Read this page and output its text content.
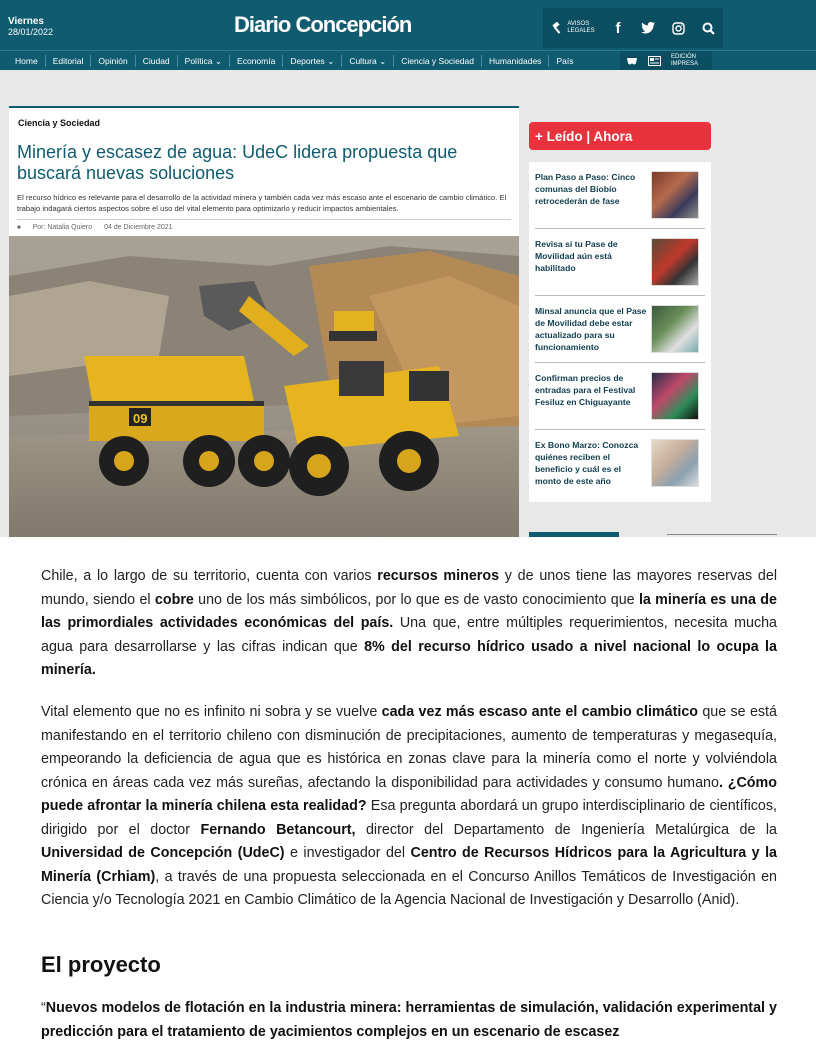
Viernes
28/01/2022	Diario Concepción	AVISOS
LEGALES	f
Home	Editorial	Opinión	Ciudad	Política ⌄	Economía	Deportes ⌄	Cultura ⌄	Ciencia y Sociedad	Humanidades	País	EDICIÓN
IMPRESA
Ciencia y Sociedad
Minería y escasez de agua: UdeC lidera propuesta que buscará nuevas soluciones

El recurso hídrico es relevante para el desarrollo de la actividad minera y también cada vez más escaso ante el escenario de cambio climático. El trabajo indagará ciertos aspectos sobre el uso del vital elemento para optimizarlo y reducir impactos ambientales.

■ Por: Natalia Quiero 04 de Diciembre 2021
09
+ Leído | Ahora
Plan Paso a Paso: Cinco comunas del Biobío retrocederán de fase
Revisa si tu Pase de Movilidad aún está habilitado
Minsal anuncia que el Pase de Movilidad debe estar actualizado para su funcionamiento
Confirman precios de entradas para el Festival Fesiluz en Chiguayante
Ex Bono Marzo: Conozca quiénes reciben el beneficio y cuál es el monto de este año

Chile, a lo largo de su territorio, cuenta con varios recursos mineros y de unos tiene las mayores reservas del mundo, siendo el cobre uno de los más simbólicos, por lo que es de vasto conocimiento que la minería es una de las primordiales actividades económicas del país. Una que, entre múltiples requerimientos, necesita mucha agua para desarrollarse y las cifras indican que 8% del recurso hídrico usado a nivel nacional lo ocupa la minería.

Vital elemento que no es infinito ni sobra y se vuelve cada vez más escaso ante el cambio climático que se está manifestando en el territorio chileno con disminución de precipitaciones, aumento de temperaturas y megasequía, empeorando la deficiencia de agua que es histórica en zonas clave para la minería como el norte y volviéndola crónica en áreas cada vez más sureñas, afectando la disponibilidad para actividades y consumo humano. ¿Cómo puede afrontar la minería chilena esta realidad? Esa pregunta abordará un grupo interdisciplinario de científicos, dirigido por el doctor Fernando Betancourt, director del Departamento de Ingeniería Metalúrgica de la Universidad de Concepción (UdeC) e investigador del Centro de Recursos Hídricos para la Agricultura y la Minería (Crhiam), a través de una propuesta seleccionada en el Concurso Anillos Temáticos de Investigación en Ciencia y/o Tecnología 2021 en Cambio Climático de la Agencia Nacional de Investigación y Desarrollo (Anid).

El proyecto

“Nuevos modelos de flotación en la industria minera: herramientas de simulación, validación experimental y predicción para el tratamiento de yacimientos complejos en un escenario de escasez
